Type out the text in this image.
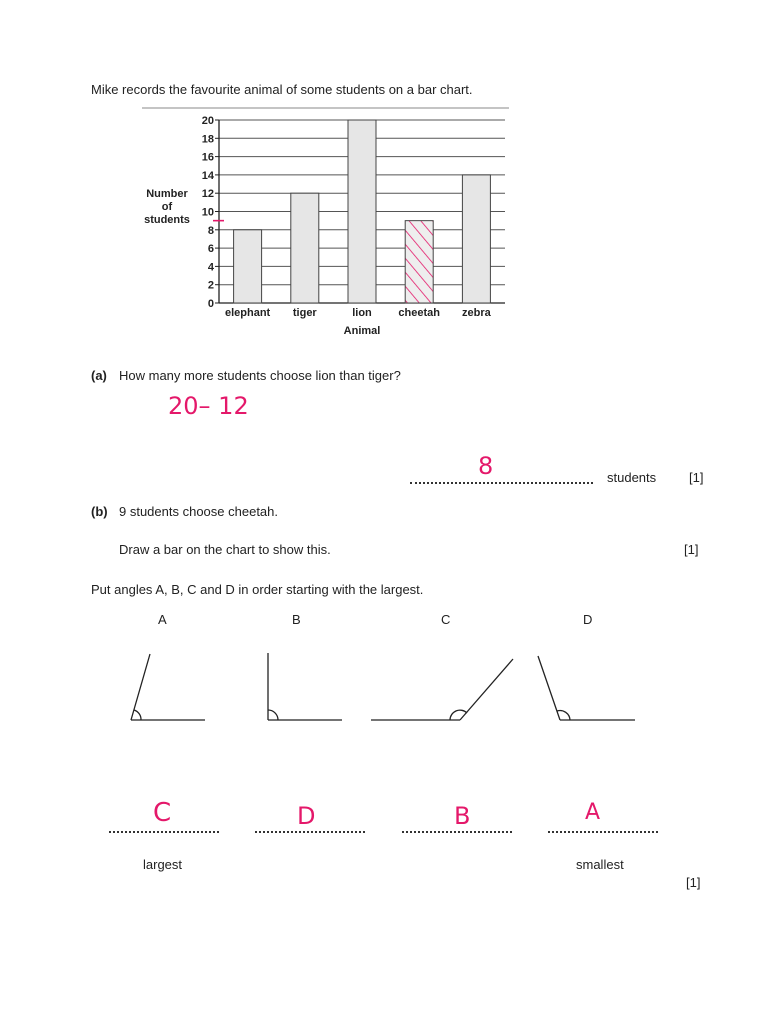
Mike records the favourite animal of some students on a bar chart.
0
2
4
6
8
10
12
14
16
18
20
elephant tiger	lion cheetah zebra
Number
of
students
Animal
(a) How many more students choose lion than tiger?
20– 12
8	students	[1]
(b) 9 students choose cheetah.
Draw a bar on the chart to show this.	[1]
Put angles A, B, C and D in order starting with the largest.
A	B	C	D
C	D	B	A
largest	smallest
[1]
